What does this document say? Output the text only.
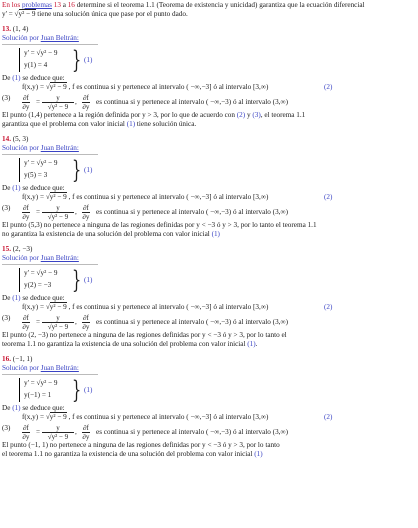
En los problemas 13 a 16 determine si el teorema 1.1 (Teorema de existencia y unicidad) garantiza que la ecuación diferencial
y' = √y² − 9 tiene una solución única que pase por el punto dado.
13. (1, 4)
Solución por Juan Beltrán:
y' = √y² − 9
y(1) = 4	} (1)
De (1) se deduce que:
f(x,y) = √y² − 9 , f es continua si y pertenece al intervalo ( −∞,−3] ó al intervalo [3,∞)	(2)
$\frac{\partial f}{\partial y} = \frac{y}{\text{√y² − 9}}$ , $\frac{\partial f}{\partial y}$ es continua si y pertenece al intervalo ( −∞,−3) ó al intervalo (3,∞)
(3)
El punto (1,4) pertenece a la región definida por y > 3, por lo que de acuerdo con (2) y (3), el teorema 1.1
garantiza que el problema con valor inicial (1) tiene solución única.
14. (5, 3)
Solución por Juan Beltrán:
y' = √y² − 9
y(5) = 3	} (1)
De (1) se deduce que:
f(x,y) = √y² − 9 , f es continua si y pertenece al intervalo ( −∞,−3] ó al intervalo [3,∞)	(2)
$\frac{\partial f}{\partial y} = \frac{y}{\text{√y² − 9}}$ , $\frac{\partial f}{\partial y}$ es continua si y pertenece al intervalo ( −∞,−3) ó al intervalo (3,∞)
(3)
El punto (5,3) no pertenece a ninguna de las regiones definidas por y < −3 ó y > 3, por lo tanto el teorema 1.1
no garantiza la existencia de una solución del problema con valor inicial (1)
15. (2, −3)
Solución por Juan Beltrán:
y' = √y² − 9
y(2) = −3 } (1)
De (1) se deduce que:
f(x,y) = √y² − 9 , f es continua si y pertenece al intervalo ( −∞,−3] ó al intervalo [3,∞)	(2)
$\frac{\partial f}{\partial y} = \frac{y}{\text{√y² − 9}}$ , $\frac{\partial f}{\partial y}$ es continua si y pertenece al intervalo ( −∞,−3) ó al intervalo (3,∞)
(3)
El punto (2, −3) no pertenece a ninguna de las regiones definidas por y < −3 ó y > 3, por lo tanto el
teorema 1.1 no garantiza la existencia de una solución del problema con valor inicial (1).
16. (−1, 1)
Solución por Juan Beltrán:
y' = √y² − 9
y(−1) = 1 } (1)
De (1) se deduce que:
f(x,y) = √y² − 9 , f es continua si y pertenece al intervalo ( −∞,−3] ó al intervalo [3,∞)	(2)
$\frac{\partial f}{\partial y} = \frac{y}{\text{√y² − 9}}$ , $\frac{\partial f}{\partial y}$ es continua si y pertenece al intervalo ( −∞,−3) ó al intervalo (3,∞)
(3)
El punto (−1, 1) no pertenece a ninguna de las regiones definidas por y < −3 ó y > 3, por lo tanto
el teorema 1.1 no garantiza la existencia de una solución del problema con valor inicial (1)
